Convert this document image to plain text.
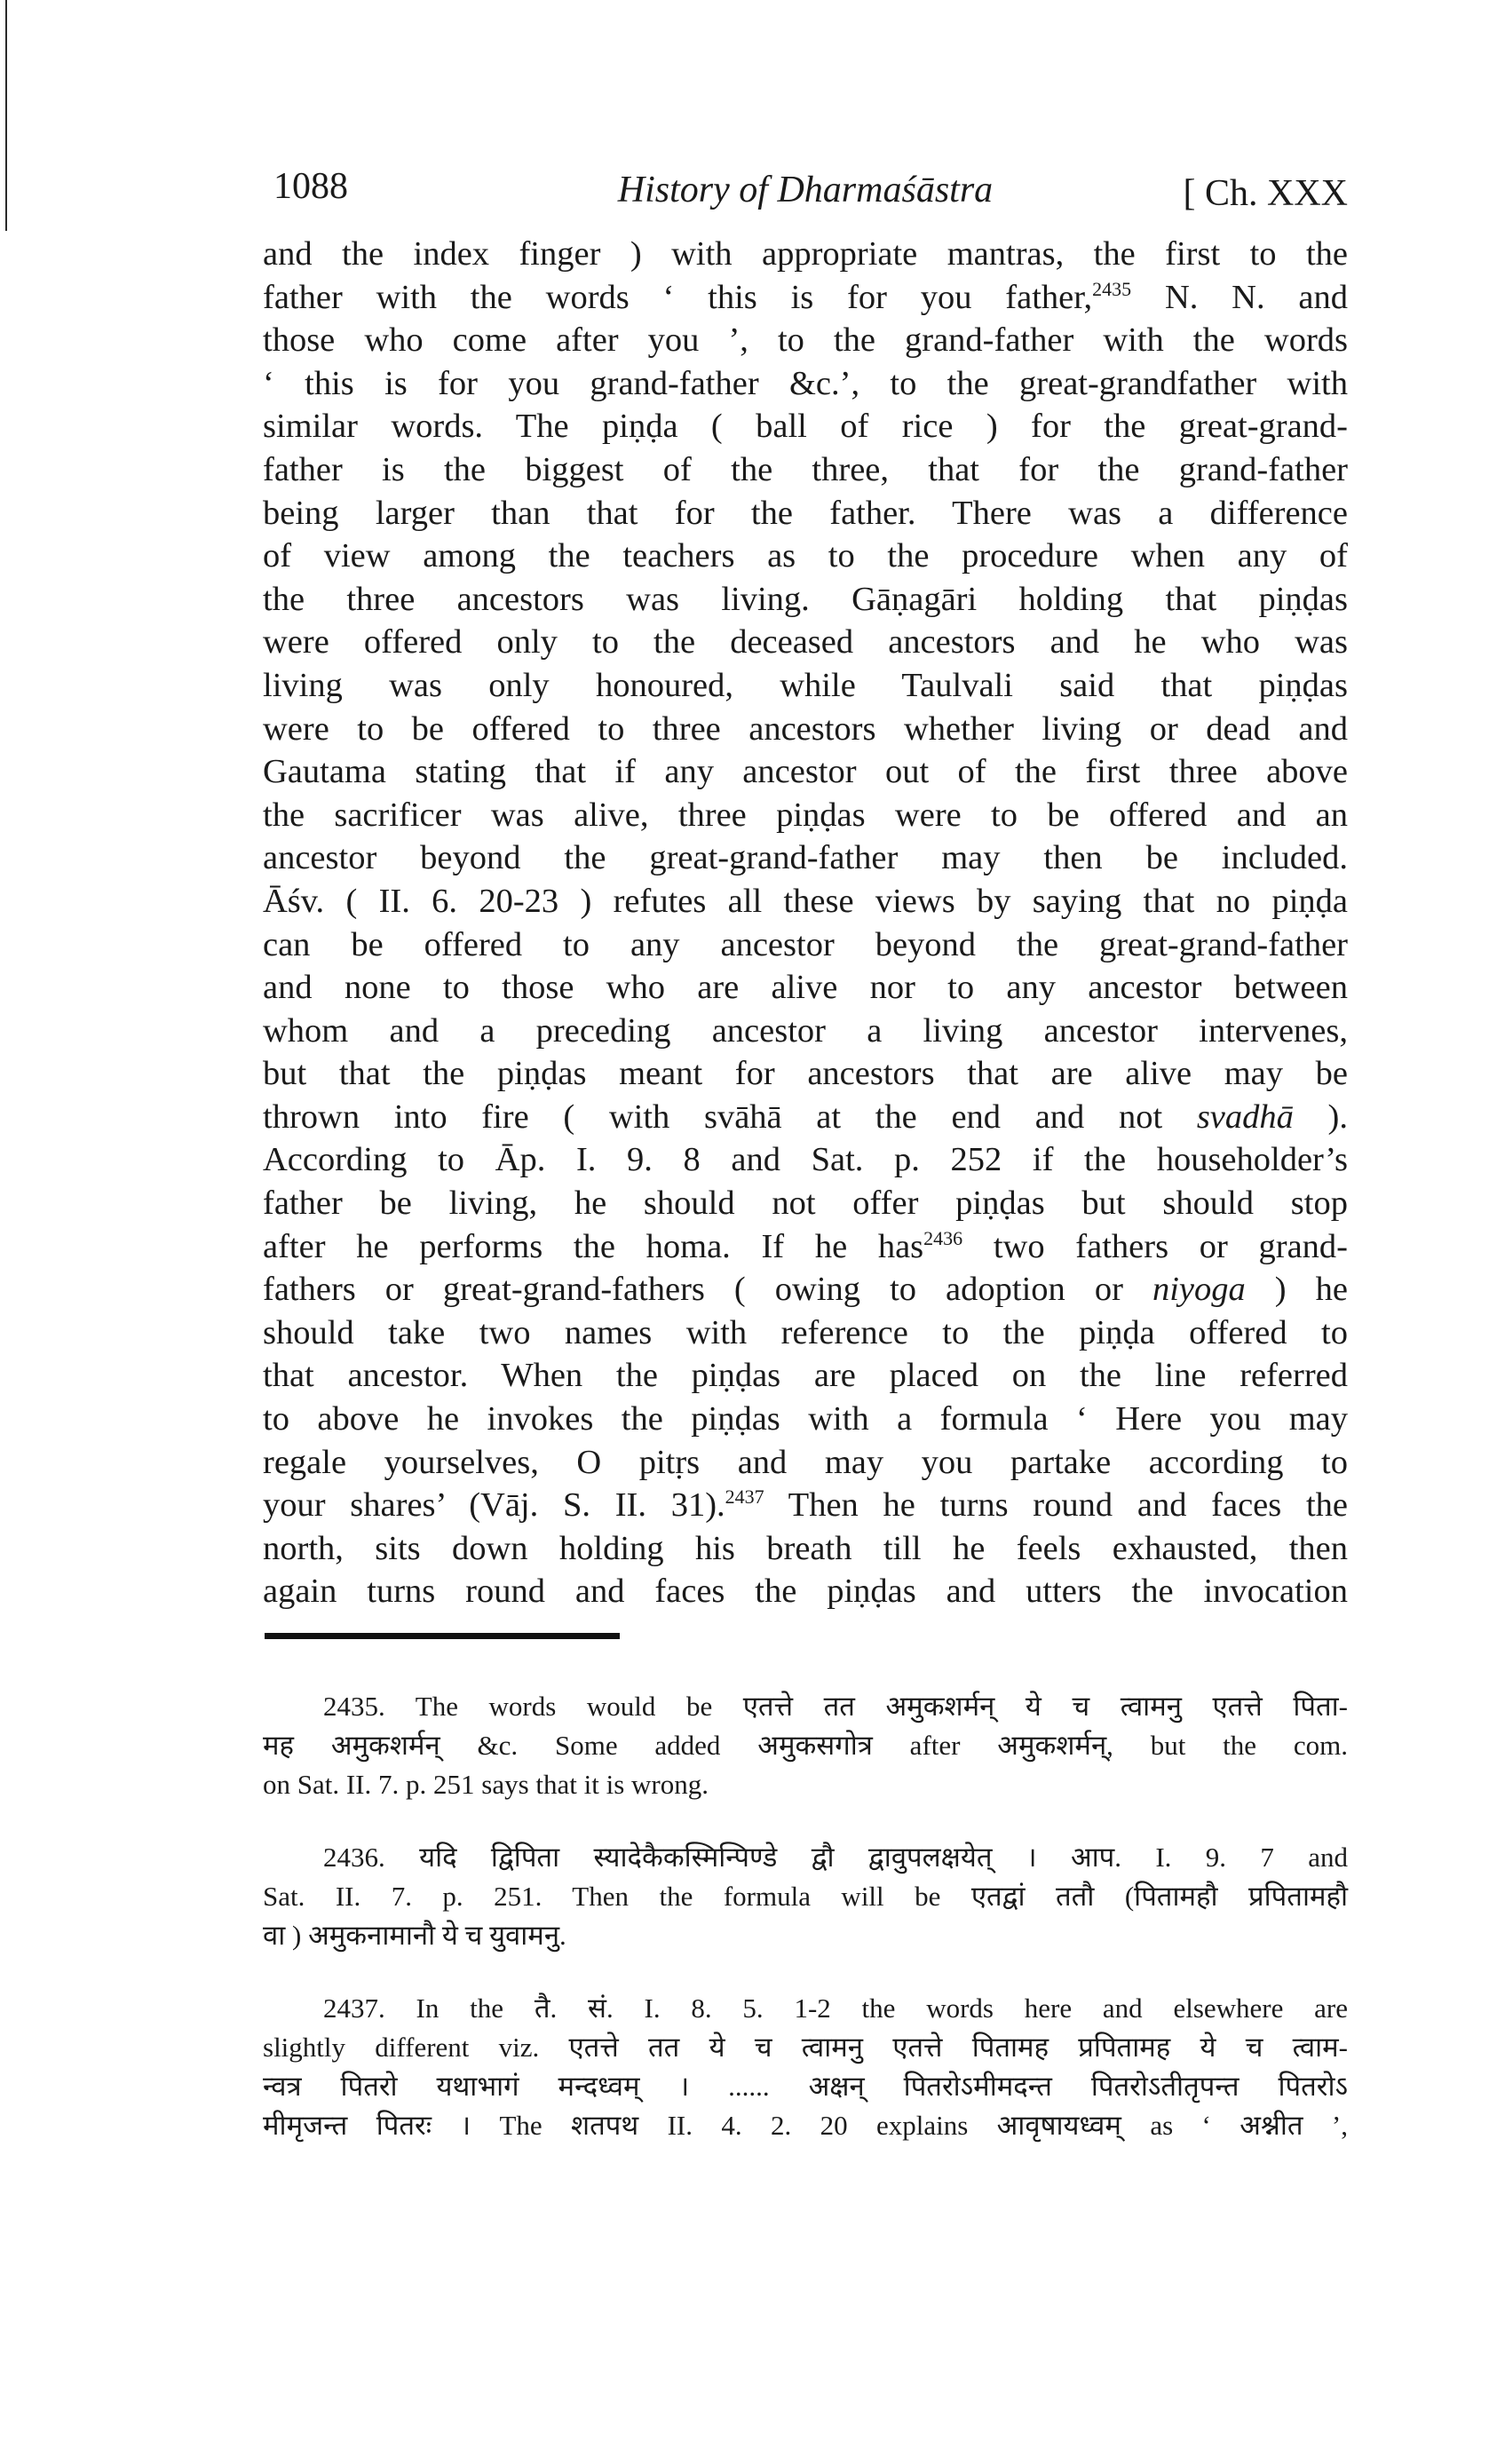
1088	History of Dharmaśāstra	[ Ch. XXX
and the index finger ) with appropriate mantras, the first to the
father with the words ‘ this is for you father,$^{2435}$ N. N. and
those who come after you ’, to the grand-father with the words
‘ this is for you grand-father &c.’, to the great-grandfather with
similar words. The piṇḍa ( ball of rice ) for the great-grand-
father is the biggest of the three, that for the grand-father
being larger than that for the father. There was a difference
of view among the teachers as to the procedure when any of
the three ancestors was living. Gāṇagāri holding that piṇḍas
were offered only to the deceased ancestors and he who was
living was only honoured, while Taulvali said that piṇḍas
were to be offered to three ancestors whether living or dead and
Gautama stating that if any ancestor out of the first three above
the sacrificer was alive, three piṇḍas were to be offered and an
ancestor beyond the great-grand-father may then be included.
Āśv. ( II. 6. 20-23 ) refutes all these views by saying that no piṇḍa
can be offered to any ancestor beyond the great-grand-father
and none to those who are alive nor to any ancestor between
whom and a preceding ancestor a living ancestor intervenes,
but that the piṇḍas meant for ancestors that are alive may be
thrown into fire ( with svāhā at the end and not svadhā ).
According to Āp. I. 9. 8 and Sat. p. 252 if the householder’s
father be living, he should not offer piṇḍas but should stop
after he performs the homa. If he has$^{2436}$ two fathers or grand-
fathers or great-grand-fathers ( owing to adoption or niyoga ) he
should take two names with reference to the piṇḍa offered to
that ancestor. When the piṇḍas are placed on the line referred
to above he invokes the piṇḍas with a formula ‘ Here you may
regale yourselves, O pitṛs and may you partake according to
your shares’ (Vāj. S. II. 31).$^{2437}$ Then he turns round and faces the
north, sits down holding his breath till he feels exhausted, then
again turns round and faces the piṇḍas and utters the invocation
2435. The words would be एतत्ते तत अमुकशर्मन् ये च त्वामनु एतत्ते पिता-
मह अमुकशर्मन् &c. Some added अमुकसगोत्र after अमुकशर्मन्, but the com.
on Sat. II. 7. p. 251 says that it is wrong.
2436. यदि द्विपिता स्यादेकैकस्मिन्पिण्डे द्वौ द्वावुपलक्षयेत् । आप. I. 9. 7 and
Sat. II. 7. p. 251. Then the formula will be एतद्वां ततौ (पितामहौ प्रपितामहौ
वा ) अमुकनामानौ ये च युवामनु.
2437. In the तै. सं. I. 8. 5. 1-2 the words here and elsewhere are
slightly different viz. एतत्ते तत ये च त्वामनु एतत्ते पितामह प्रपितामह ये च त्वाम-
न्वत्र पितरो यथाभागं मन्दध्वम् । ...... अक्षन् पितरोऽमीमदन्त पितरोऽतीतृपन्त पितरोऽ
मीमृजन्त पितरः । The शतपथ II. 4. 2. 20 explains आवृषायध्वम् as ‘ अश्नीत ’,
